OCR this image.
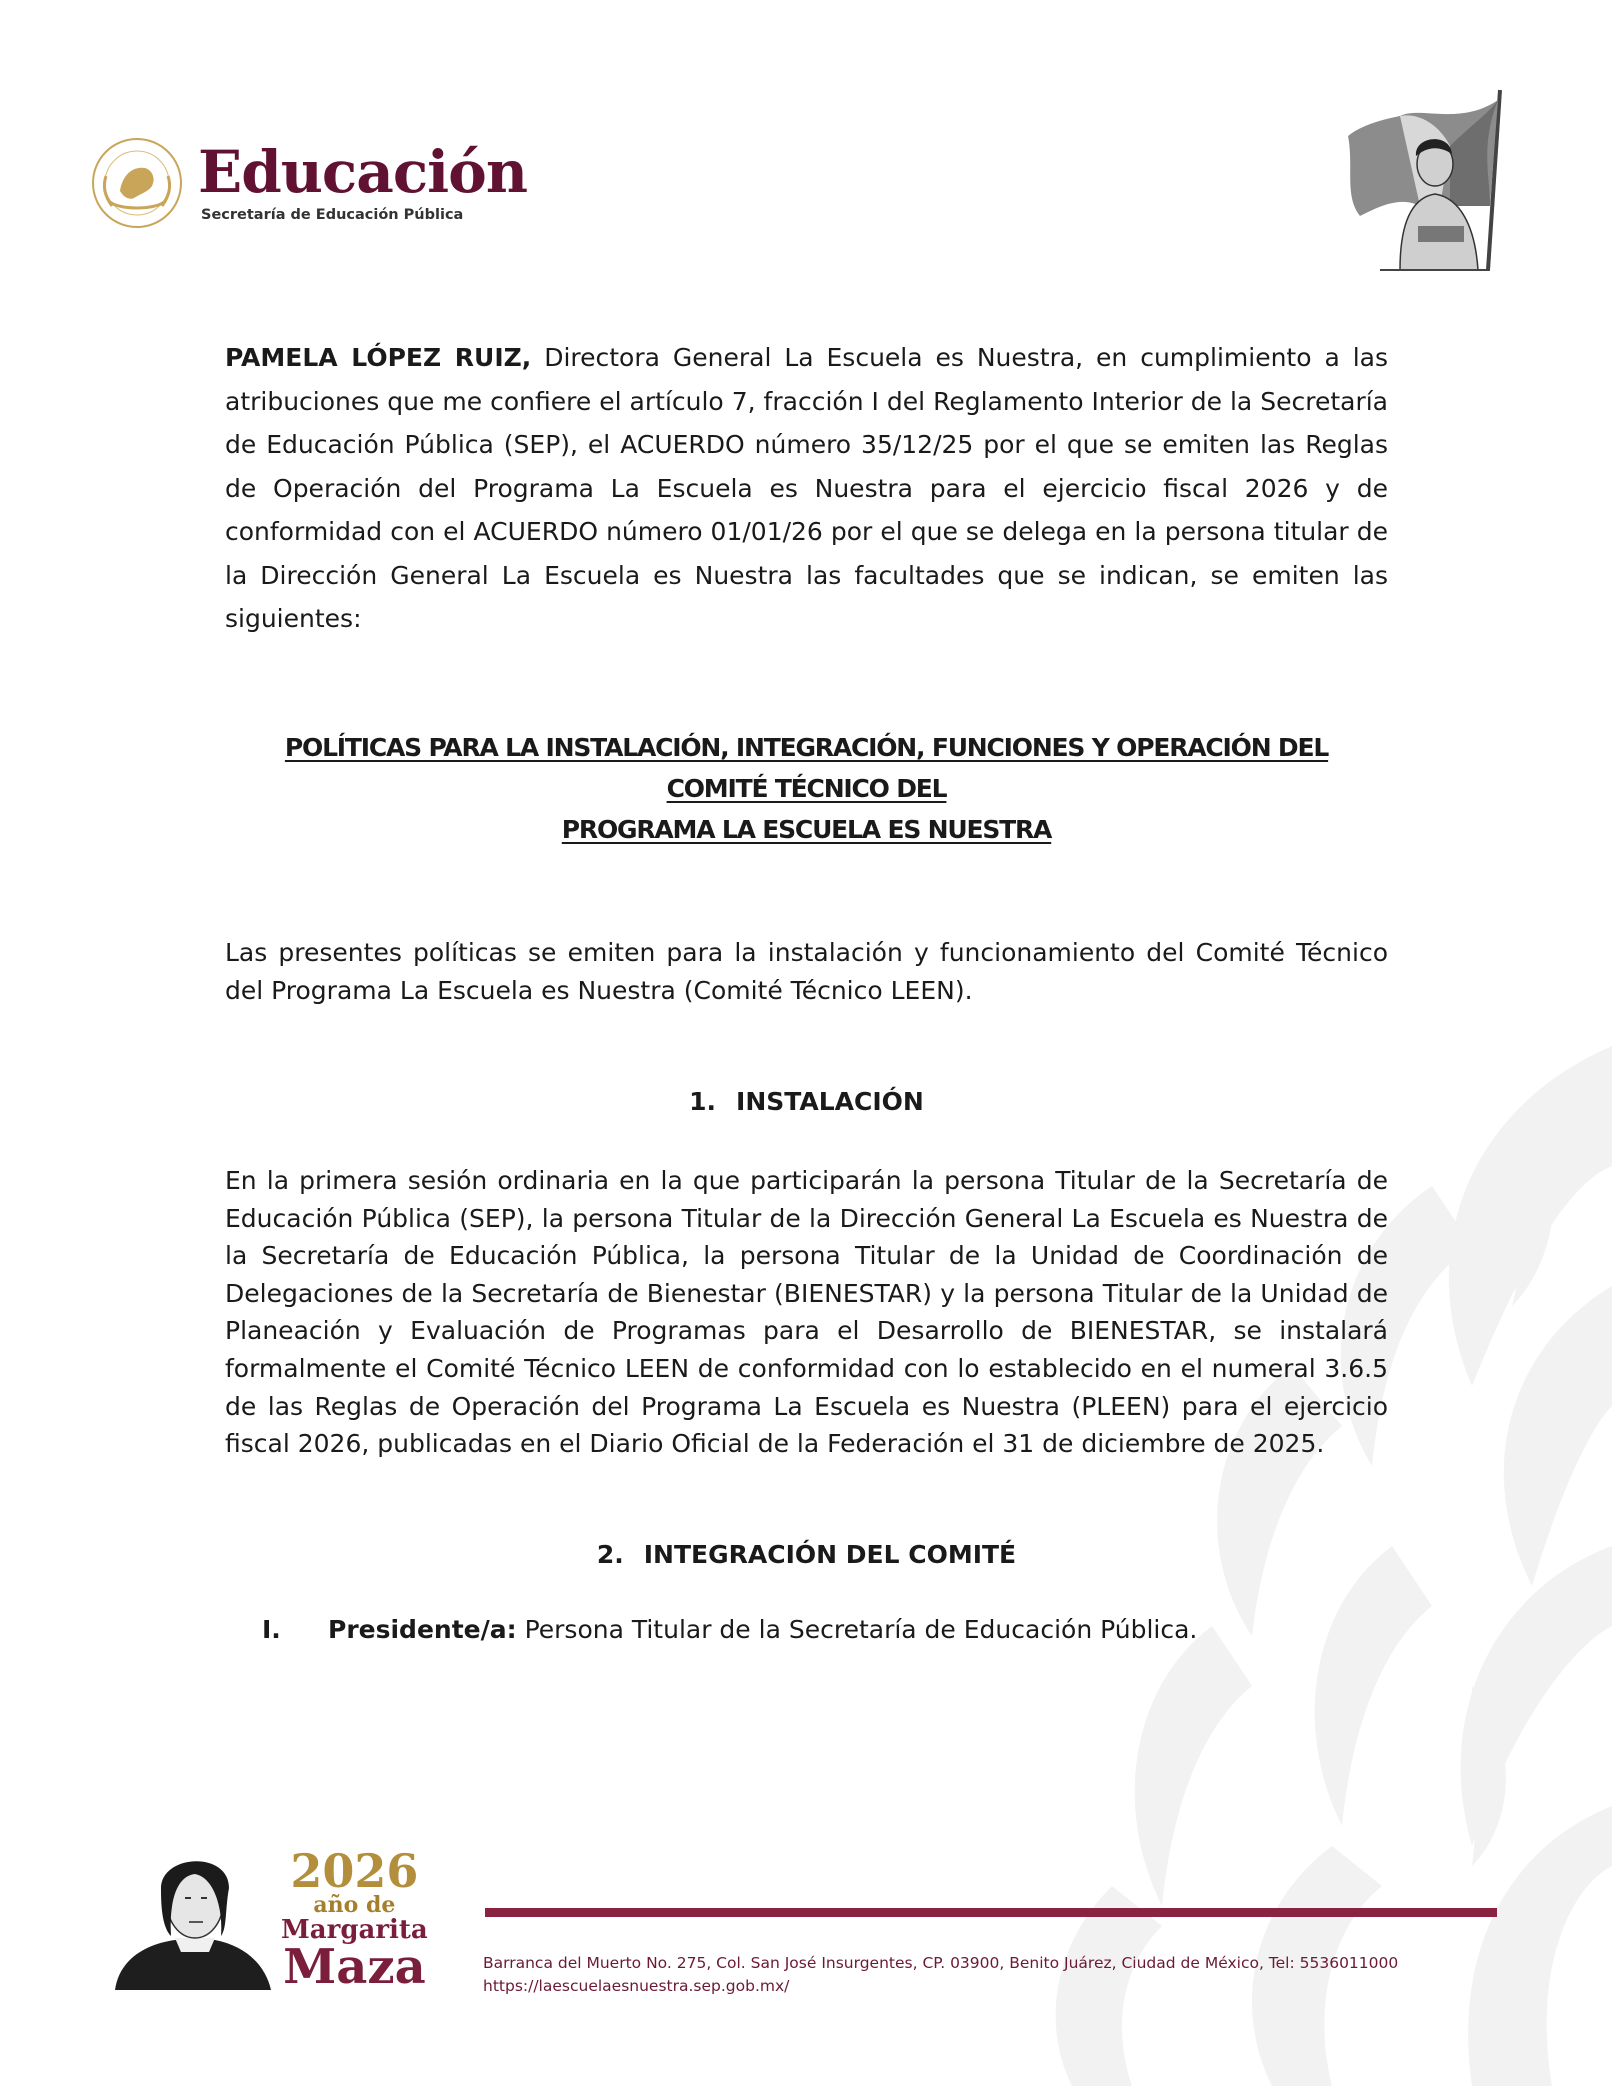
Educación
Secretaría de Educación Pública

PAMELA LÓPEZ RUIZ, Directora General La Escuela es Nuestra, en cumplimiento a las atribuciones que me confiere el artículo 7, fracción I del Reglamento Interior de la Secretaría de Educación Pública (SEP), el ACUERDO número 35/12/25 por el que se emiten las Reglas de Operación del Programa La Escuela es Nuestra para el ejercicio fiscal 2026 y de conformidad con el ACUERDO número 01/01/26 por el que se delega en la persona titular de la Dirección General La Escuela es Nuestra las facultades que se indican, se emiten las siguientes:

POLÍTICAS PARA LA INSTALACIÓN, INTEGRACIÓN, FUNCIONES Y OPERACIÓN DEL
COMITÉ TÉCNICO DEL
PROGRAMA LA ESCUELA ES NUESTRA

Las presentes políticas se emiten para la instalación y funcionamiento del Comité Técnico del Programa La Escuela es Nuestra (Comité Técnico LEEN).

1. INSTALACIÓN

En la primera sesión ordinaria en la que participarán la persona Titular de la Secretaría de Educación Pública (SEP), la persona Titular de la Dirección General La Escuela es Nuestra de la Secretaría de Educación Pública, la persona Titular de la Unidad de Coordinación de Delegaciones de la Secretaría de Bienestar (BIENESTAR) y la persona Titular de la Unidad de Planeación y Evaluación de Programas para el Desarrollo de BIENESTAR, se instalará formalmente el Comité Técnico LEEN de conformidad con lo establecido en el numeral 3.6.5 de las Reglas de Operación del Programa La Escuela es Nuestra (PLEEN) para el ejercicio fiscal 2026, publicadas en el Diario Oficial de la Federación el 31 de diciembre de 2025.

2. INTEGRACIÓN DEL COMITÉ
I.	Presidente/a: Persona Titular de la Secretaría de Educación Pública.
2026
año de
Margarita
Maza	Barranca del Muerto No. 275, Col. San José Insurgentes, CP. 03900, Benito Juárez, Ciudad de México, Tel: 5536011000
https://laescuelaesnuestra.sep.gob.mx/
